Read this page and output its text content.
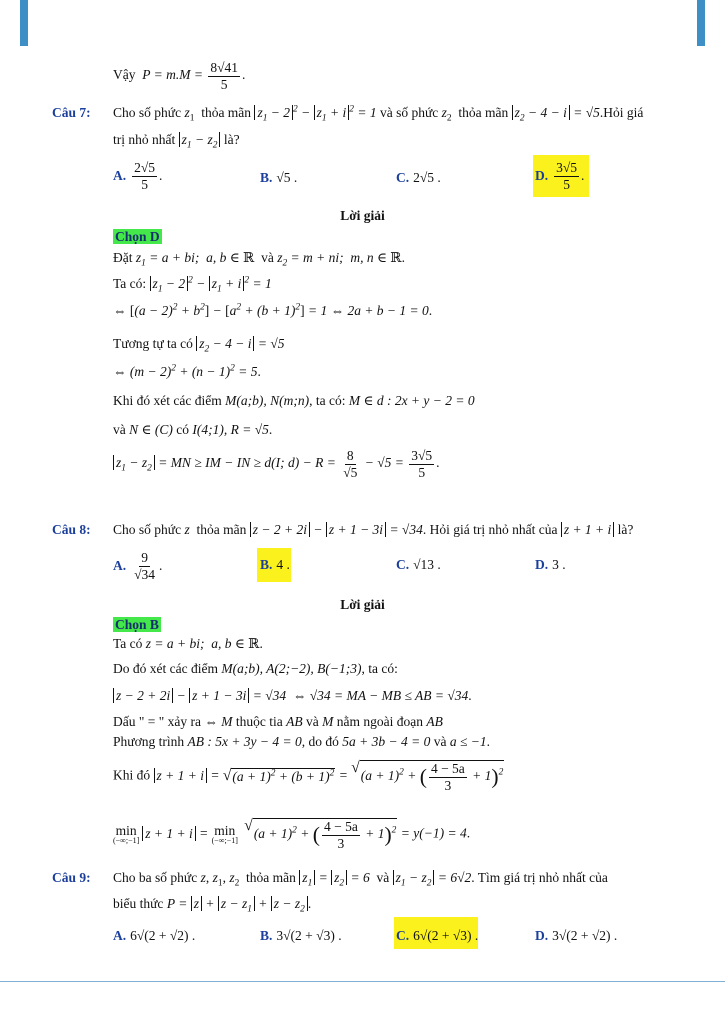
Vậy $P = m.M = \frac{8√41}{5}$ .
Câu 7: Cho số phức $z_1$ thỏa mãn $z_1 - 2$ $^2 - z_1 + i$ $^2$ = 1 và số phức $z_2$ thỏa mãn $z_2 - 4 - i$ = √5.Hỏi giá
trị nhỏ nhất $z_1 - z_2$ là?
A. $\frac{2√5}{5}$ .	B. √5 .	C. 2√5 .	D. $\frac{3√5}{5}$ .
Lời giải
Chọn D
Đặt $z_1 = a$ + bi;  a, b ∈ ℝ và $z_2 = m$ + ni;  m, n ∈ ℝ.
Ta có: $z_1 - 2$ $^2 - z_1 + i$ $^2$ = 1
⇔ $[(a - 2)^2 + b^2] - [a^2 + (b + 1)^2] = 1$ ⇔ 2a + b − 1 = 0.
Tương tự ta có $z_2 - 4 - i = √5$
⇔ $(m - 2)^2 + (n - 1)^2 = 5$.
Khi đó xét các điểm M(a;b), N(m;n), ta có: M ∈ d : 2x + y − 2 = 0
và N ∈ (C) có I(4;1), R = √5.
$z_1 - z_2$ = MN ≥ IM − IN ≥ d(I; $d) - R = \frac{8}{√5} - √5 = \frac{3√5}{5}$ .
Câu 8: Cho số phức z thỏa mãn z − 2 + 2i − z + 1 − 3i = √34. Hỏi giá trị nhỏ nhất của z + 1 + i là?
A. $\frac{9}{√34}$ .	B. 4 .	C. √13 .	D. 3 .
Lời giải
Chọn B
Ta có z = a + bi;  a, b ∈ ℝ.
Do đó xét các điểm M(a;b), A(2;−2), B(−1;3), ta có:
z − 2 + 2i − z + 1 − 3i = √34  ⇔ √34 = MA − MB ≤ AB = √34.
Dấu " = " xảy ra ⇔ M thuộc tia AB và M nằm ngoài đoạn AB
Phương trình AB : 5x + 3y − 4 = 0, do đó 5a + 3b − 4 = 0 và a ≤ −1.
Khi đó z + 1 + i = √ $(a + 1)^2 + (b + 1)^2$ = √ $(a + 1)^2$ + ( $\frac{4 - 5a}{3} + 1)^2$
min
(−∞;−1]
z + 1 + i = min
(−∞;−1]

√ $(a + 1)^2$ + ( $\frac{4 - 5a}{3} + 1)^2 = y(-1) = 4$.
Câu 9: Cho ba số phức z, $z_1$, $z_2$ thỏa mãn $z_1 = z_2 = 6$ và $z_1 - z_2 = 6√2$. Tìm giá trị nhỏ nhất của
biểu thức $P = z + z - z_1 + z - z_2$ .
A. 6√(2 + √2) .	B. 3√(2 + √3) .	C. 6√(2 + √3) .	D. 3√(2 + √2) .
